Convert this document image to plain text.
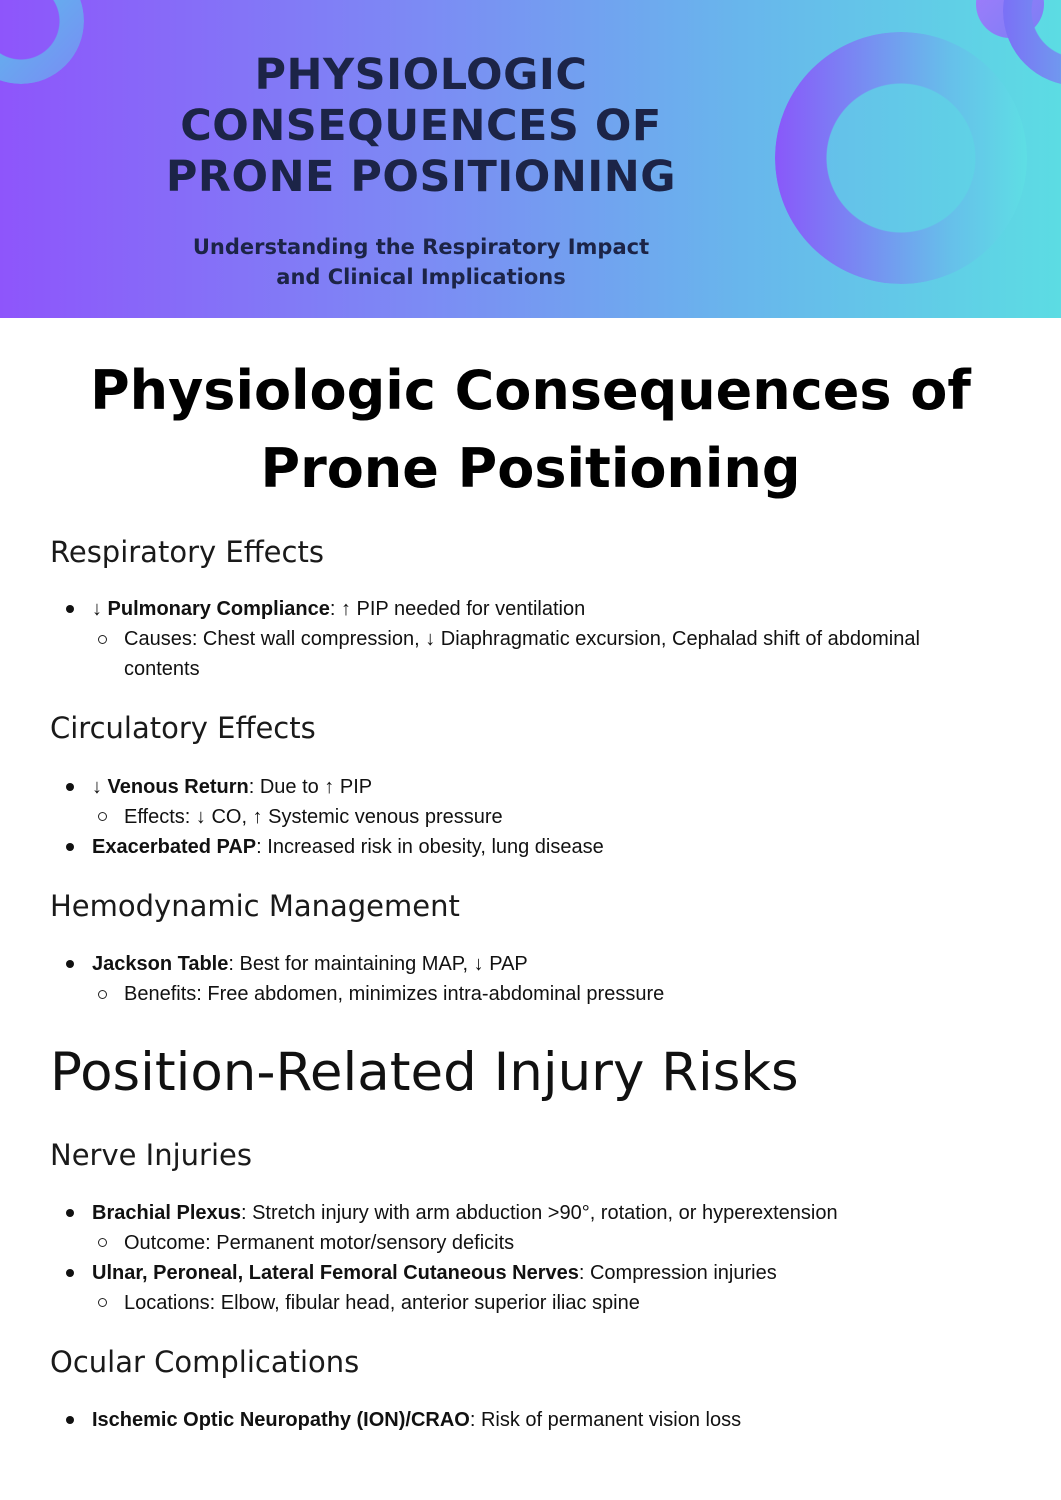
PHYSIOLOGIC
CONSEQUENCES OF
PRONE POSITIONING

Understanding the Respiratory Impact
and Clinical Implications

Physiologic Consequences of
Prone Positioning
Respiratory Effects
↓ Pulmonary Compliance: ↑ PIP needed for ventilation
Causes: Chest wall compression, ↓ Diaphragmatic excursion, Cephalad shift of abdominal
contents
Circulatory Effects
↓ Venous Return: Due to ↑ PIP
Effects: ↓ CO, ↑ Systemic venous pressure
Exacerbated PAP: Increased risk in obesity, lung disease
Hemodynamic Management
Jackson Table: Best for maintaining MAP, ↓ PAP
Benefits: Free abdomen, minimizes intra-abdominal pressure
Position-Related Injury Risks
Nerve Injuries
Brachial Plexus: Stretch injury with arm abduction >90°, rotation, or hyperextension
Outcome: Permanent motor/sensory deficits
Ulnar, Peroneal, Lateral Femoral Cutaneous Nerves: Compression injuries
Locations: Elbow, fibular head, anterior superior iliac spine
Ocular Complications
Ischemic Optic Neuropathy (ION)/CRAO: Risk of permanent vision loss
